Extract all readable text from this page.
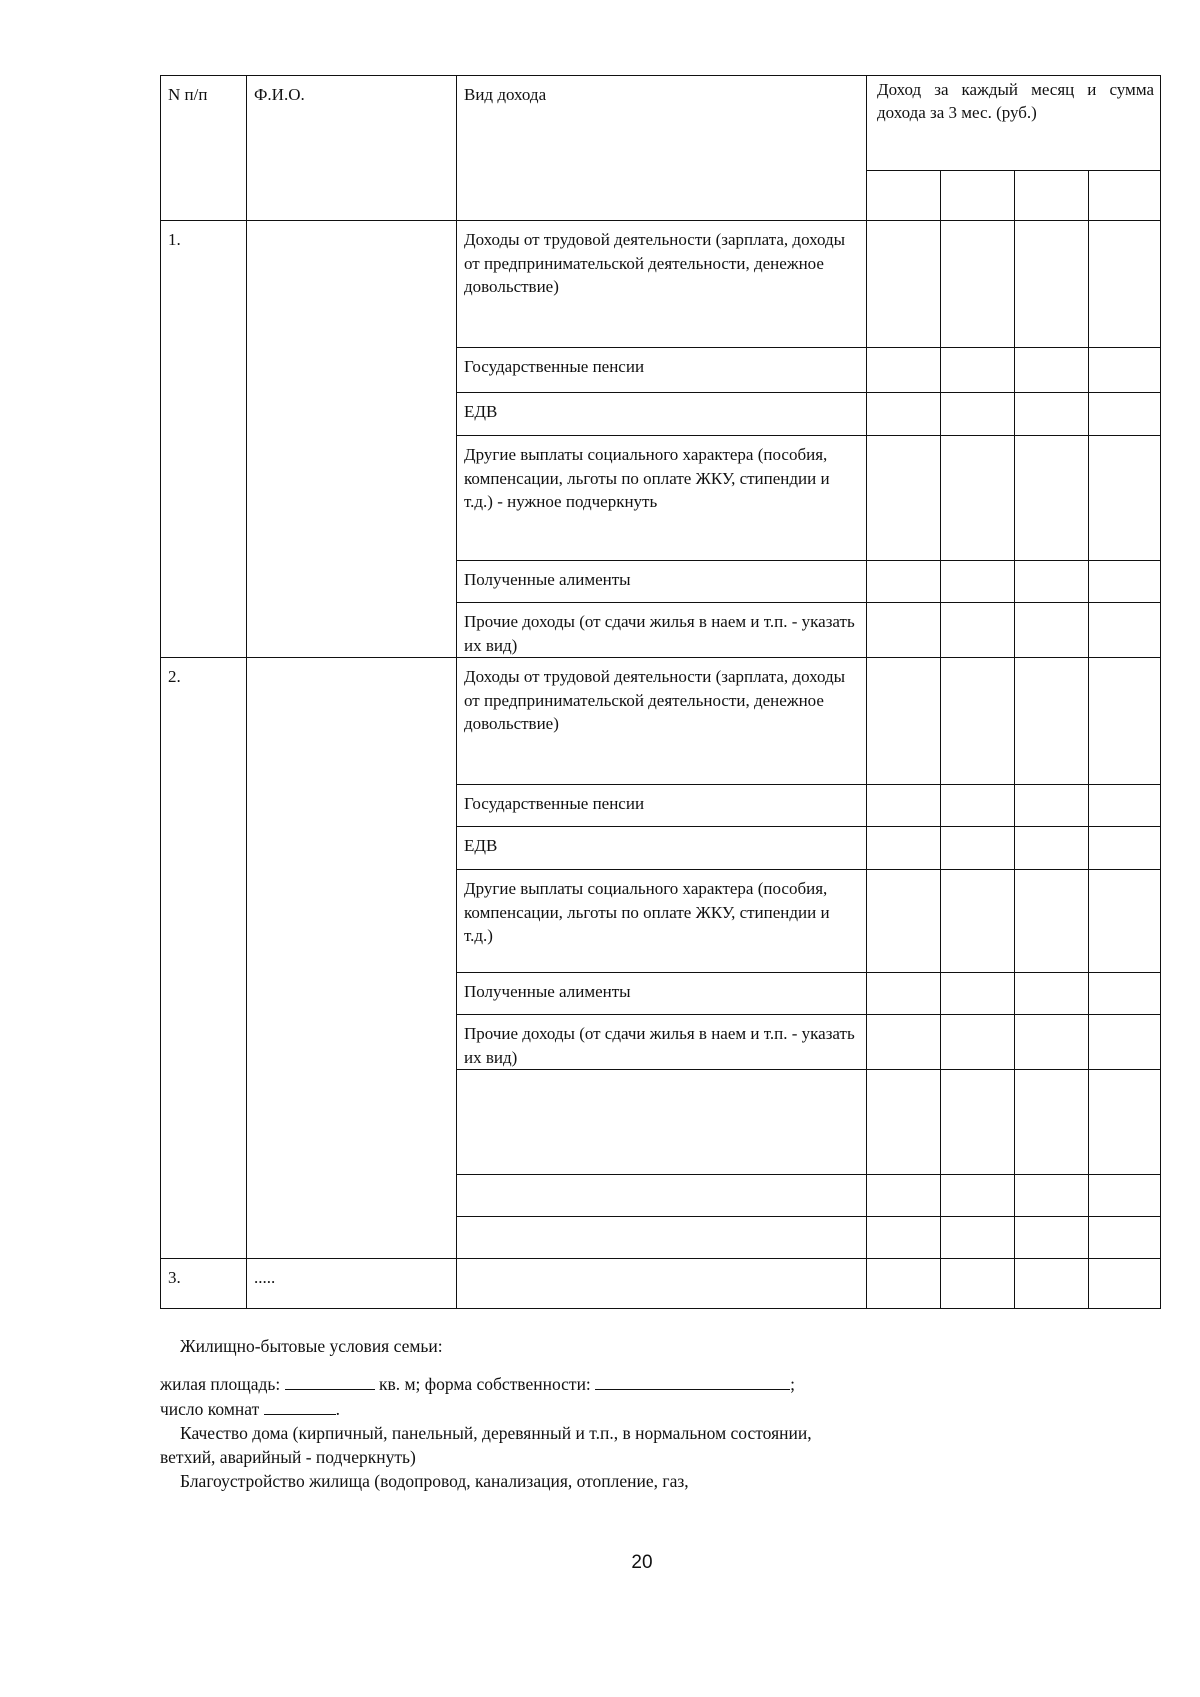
N п/п	Ф.И.О.	Вид дохода	Доход за каждый месяц и сумма дохода за 3 мес. (руб.)			

1.		Доходы от трудовой деятельности (зарплата, доходы от предпринимательской деятельности, денежное довольствие)				

		Государственные пенсии				

		ЕДВ				

		Другие выплаты социального характера (пособия, компенсации, льготы по оплате ЖКУ, стипендии и т.д.) - нужное подчеркнуть				

		Полученные алименты				

		Прочие доходы (от сдачи жилья в наем и т.п. - указать их вид)				

2.		Доходы от трудовой деятельности (зарплата, доходы от предпринимательской деятельности, денежное довольствие)				

		Государственные пенсии				

		ЕДВ				

		Другие выплаты социального характера (пособия, компенсации, льготы по оплате ЖКУ, стипендии и т.д.)				

		Полученные алименты				

		Прочие доходы (от сдачи жилья в наем и т.п. - указать их вид)				

3.	.....					

Жилищно-бытовые условия семьи:

жилая площадь:	кв. м; форма собственности:	;

число комнат	.

Качество дома (кирпичный, панельный, деревянный и т.п., в нормальном состоянии, ветхий, аварийный - подчеркнуть)

Благоустройство жилища (водопровод, канализация, отопление, газ,

20
